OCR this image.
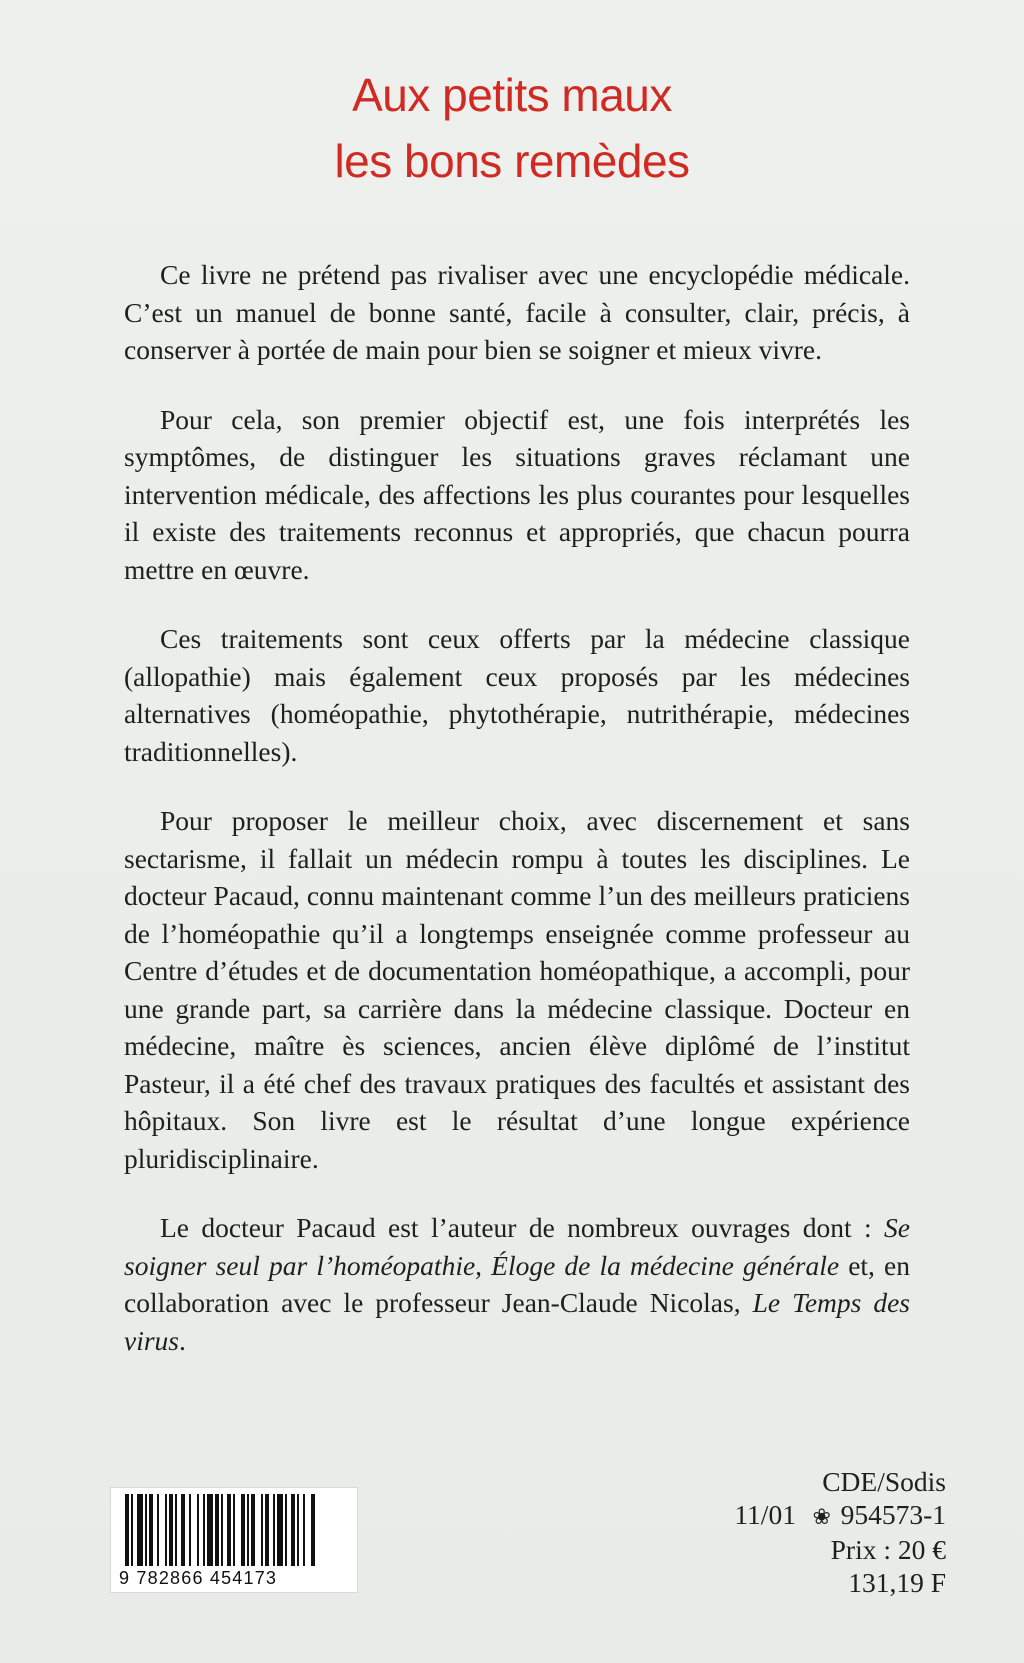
Aux petits maux
les bons remèdes

Ce livre ne prétend pas rivaliser avec une encyclopédie médicale. C’est un manuel de bonne santé, facile à consulter, clair, précis, à conserver à portée de main pour bien se soigner et mieux vivre.

Pour cela, son premier objectif est, une fois interprétés les symptômes, de distinguer les situations graves réclamant une intervention médicale, des affections les plus courantes pour lesquelles il existe des traitements reconnus et appropriés, que chacun pourra mettre en œuvre.

Ces traitements sont ceux offerts par la médecine classique (allopathie) mais également ceux proposés par les médecines alternatives (homéopathie, phytothérapie, nutrithérapie, médecines traditionnelles).

Pour proposer le meilleur choix, avec discernement et sans sectarisme, il fallait un médecin rompu à toutes les disciplines. Le docteur Pacaud, connu maintenant comme l’un des meilleurs praticiens de l’homéopathie qu’il a longtemps enseignée comme professeur au Centre d’études et de documentation homéopathique, a accompli, pour une grande part, sa carrière dans la médecine classique. Docteur en médecine, maître ès sciences, ancien élève diplômé de l’institut Pasteur, il a été chef des travaux pratiques des facultés et assistant des hôpitaux. Son livre est le résultat d’une longue expérience pluridisciplinaire.

Le docteur Pacaud est l’auteur de nombreux ouvrages dont : Se soigner seul par l’homéopathie, Éloge de la médecine générale et, en collaboration avec le professeur Jean-Claude Nicolas, Le Temps des virus.

9 782866 454173
CDE/Sodis
11/01 ❀ 954573-1
Prix : 20 €
131,19 F
